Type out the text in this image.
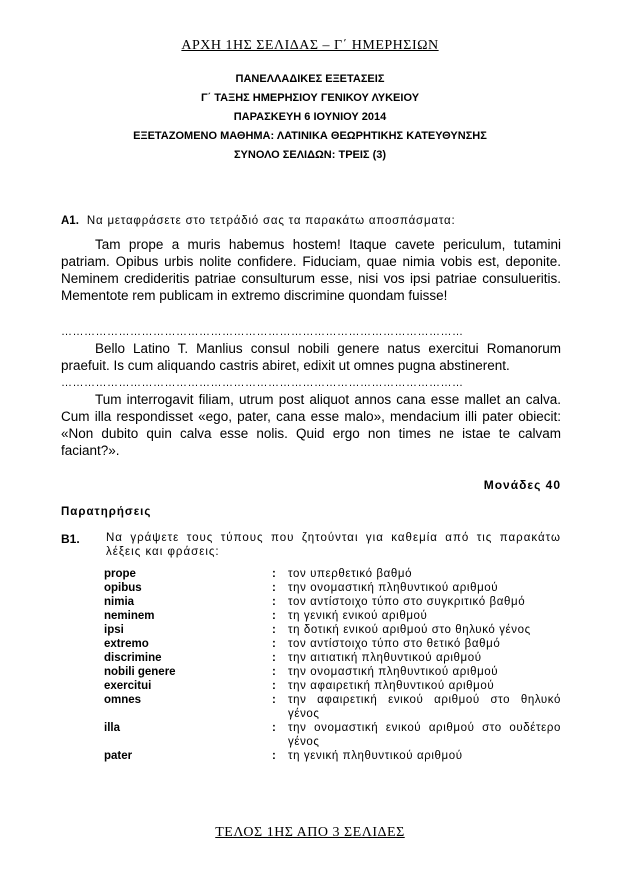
ΑΡΧΗ 1ΗΣ ΣΕΛΙΔΑΣ – Γ΄ ΗΜΕΡΗΣΙΩΝ
ΠΑΝΕΛΛΑΔΙΚΕΣ ΕΞΕΤΑΣΕΙΣ
Γ΄ ΤΑΞΗΣ ΗΜΕΡΗΣΙΟΥ ΓΕΝΙΚΟΥ ΛΥΚΕΙΟΥ
ΠΑΡΑΣΚΕΥΗ 6 ΙΟΥΝΙΟΥ 2014
ΕΞΕΤΑΖΟΜΕΝΟ ΜΑΘΗΜΑ: ΛΑΤΙΝΙΚΑ ΘΕΩΡΗΤΙΚΗΣ ΚΑΤΕΥΘΥΝΣΗΣ
ΣΥΝΟΛΟ ΣΕΛΙΔΩΝ: ΤΡΕΙΣ (3)
A1. Να μεταφράσετε στο τετράδιό σας τα παρακάτω αποσπάσματα:

Tam prope a muris habemus hostem! Itaque cavete periculum, tutamini patriam. Opibus urbis nolite confidere. Fiduciam, quae nimia vobis est, deponite. Neminem credideritis patriae consulturum esse, nisi vos ipsi patriae consulueritis. Mementote rem publicam in extremo discrimine quondam fuisse!

……………………………………………………………………………………………

Bello Latino T. Manlius consul nobili genere natus exercitui Romanorum praefuit. Is cum aliquando castris abiret, edixit ut omnes pugna abstinerent.

……………………………………………………………………………………………

Tum interrogavit filiam, utrum post aliquot annos cana esse mallet an calva. Cum illa respondisset «ego, pater, cana esse malo», mendacium illi pater obiecit: «Non dubito quin calva esse nolis. Quid ergo non times ne istae te calvam faciant?».

Μονάδες 40
Παρατηρήσεις
Β1. Να γράψετε τους τύπους που ζητούνται για καθεμία από τις παρακάτω λέξεις και φράσεις:
prope	: τον υπερθετικό βαθμό
opibus	: την ονομαστική πληθυντικού αριθμού
nimia	: τον αντίστοιχο τύπο στο συγκριτικό βαθμό
neminem	: τη γενική ενικού αριθμού
ipsi	: τη δοτική ενικού αριθμού στο θηλυκό γένος
extremo	: τον αντίστοιχο τύπο στο θετικό βαθμό
discrimine	: την αιτιατική πληθυντικού αριθμού
nobili genere	: την ονομαστική πληθυντικού αριθμού
exercitui	: την αφαιρετική πληθυντικού αριθμού
omnes	: την αφαιρετική ενικού αριθμού στο θηλυκό γένος
illa	: την ονομαστική ενικού αριθμού στο ουδέτερο γένος
pater	: τη γενική πληθυντικού αριθμού
ΤΕΛΟΣ 1ΗΣ ΑΠΟ 3 ΣΕΛΙΔΕΣ
